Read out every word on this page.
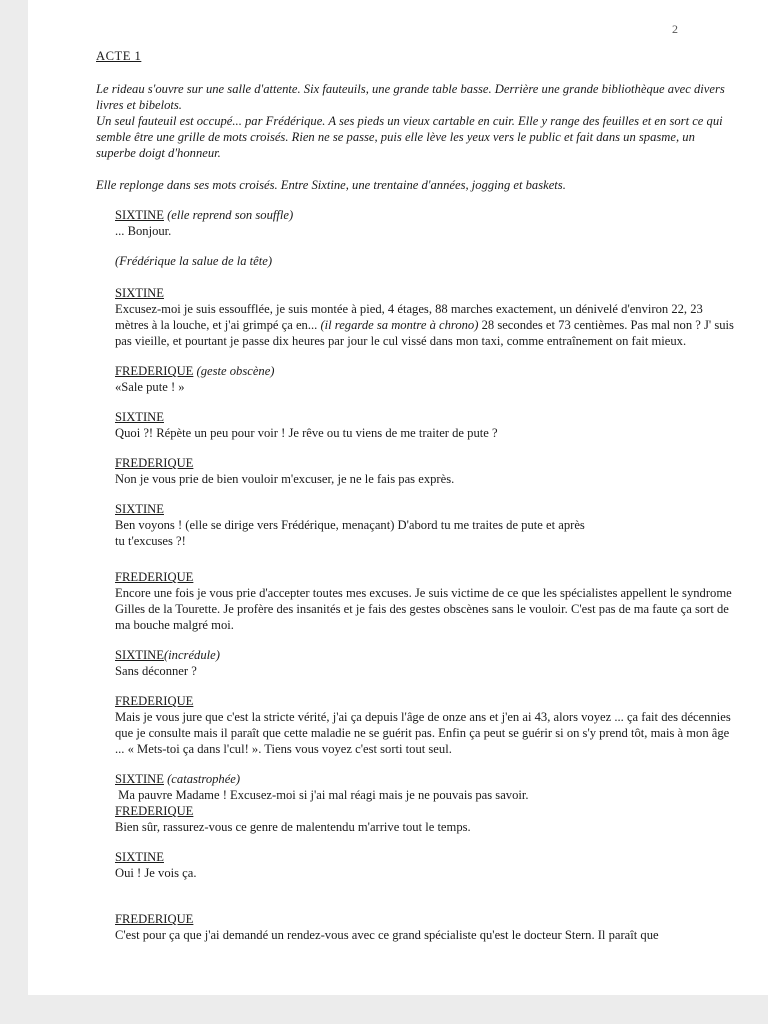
2

ACTE 1

Le rideau s'ouvre sur une salle d'attente. Six fauteuils, une grande table basse. Derrière une grande bibliothèque avec divers livres et bibelots.

Un seul fauteuil est occupé... par Frédérique. A ses pieds un vieux cartable en cuir. Elle y range des feuilles et en sort ce qui semble être une grille de mots croisés. Rien ne se passe, puis elle lève les yeux vers le public et fait dans un spasme, un superbe doigt d'honneur.

Elle replonge dans ses mots croisés. Entre Sixtine, une trentaine d'années, jogging et baskets.

SIXTINE (elle reprend son souffle)

... Bonjour.

(Frédérique la salue de la tête)
SIXTINE

Excusez-moi je suis essoufflée, je suis montée à pied, 4 étages, 88 marches exactement, un dénivelé d'environ 22, 23 mètres à la louche, et j'ai grimpé ça en... (il regarde sa montre à chrono) 28 secondes et 73 centièmes. Pas mal non ? J' suis pas vieille, et pourtant je passe dix heures par jour le cul vissé dans mon taxi, comme entraînement on fait mieux.

FREDERIQUE (geste obscène)

«Sale pute ! »

SIXTINE

Quoi ?! Répète un peu pour voir ! Je rêve ou tu viens de me traiter de pute ?

FREDERIQUE

Non je vous prie de bien vouloir m'excuser, je ne le fais pas exprès.

SIXTINE

Ben voyons ! (elle se dirige vers Frédérique, menaçant) D'abord tu me traites de pute et après tu t'excuses ?!

FREDERIQUE

Encore une fois je vous prie d'accepter toutes mes excuses. Je suis victime de ce que les spécialistes appellent le syndrome Gilles de la Tourette. Je profère des insanités et je fais des gestes obscènes sans le vouloir. C'est pas de ma faute ça sort de ma bouche malgré moi.

SIXTINE(incrédule)

Sans déconner ?

FREDERIQUE

Mais je vous jure que c'est la stricte vérité, j'ai ça depuis l'âge de onze ans et j'en ai 43, alors voyez ... ça fait des décennies que je consulte mais il paraît que cette maladie ne se guérit pas. Enfin ça peut se guérir si on s'y prend tôt, mais à mon âge ... « Mets-toi ça dans l'cul! ». Tiens vous voyez c'est sorti tout seul.

SIXTINE (catastrophée)

Ma pauvre Madame ! Excusez-moi si j'ai mal réagi mais je ne pouvais pas savoir.

FREDERIQUE

Bien sûr, rassurez-vous ce genre de malentendu m'arrive tout le temps.

SIXTINE

Oui ! Je vois ça.

FREDERIQUE

C'est pour ça que j'ai demandé un rendez-vous avec ce grand spécialiste qu'est le docteur Stern. Il paraît que
